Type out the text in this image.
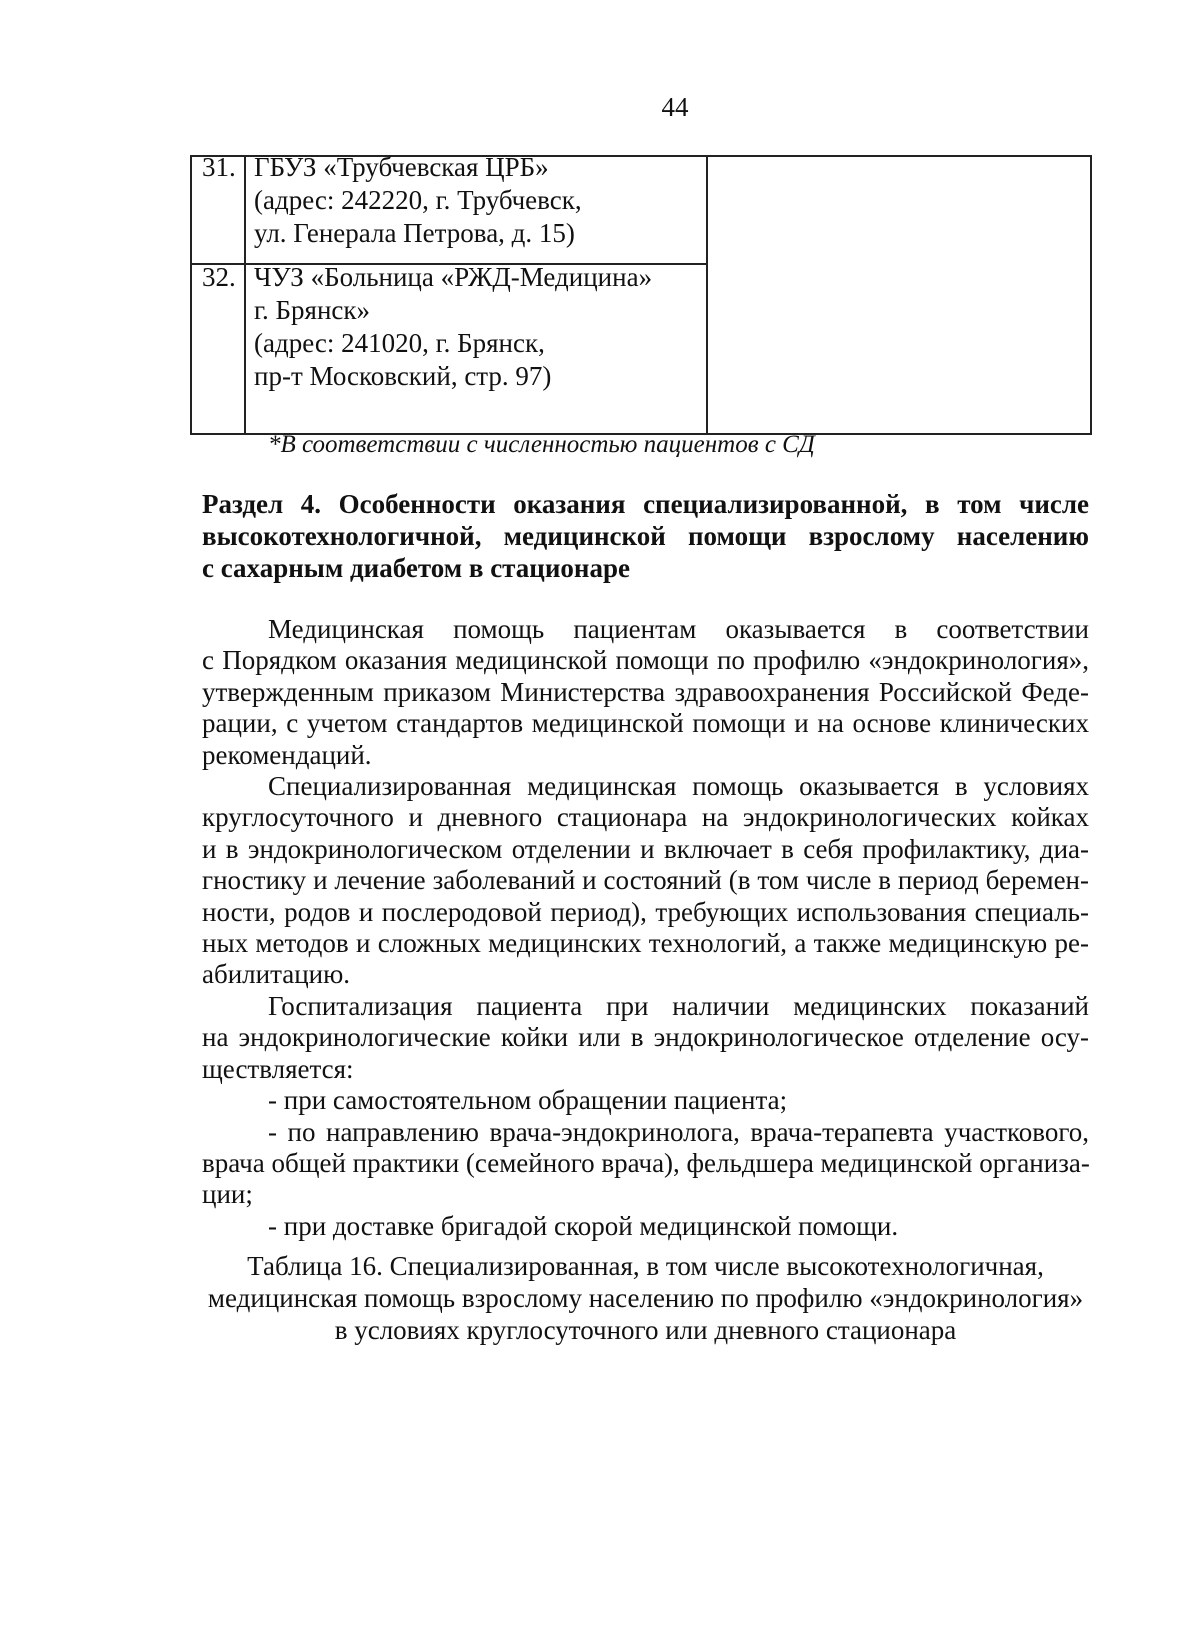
44
31. ГБУЗ «Трубчевская ЦРБ»
(адрес: 242220, г. Трубчевск,
ул. Генерала Петрова, д. 15)
32. ЧУЗ «Больница «РЖД-Медицина»
г. Брянск»
(адрес: 241020, г. Брянск,
пр-т Московский, стр. 97)
*В соответствии с численностью пациентов с СД
Раздел 4. Особенности оказания специализированной, в том числе
высокотехнологичной, медицинской помощи взрослому населению
с сахарным диабетом в стационаре
Медицинская помощь пациентам оказывается в соответствии
с Порядком оказания медицинской помощи по профилю «эндокринология»,
утвержденным приказом Министерства здравоохранения Российской Феде-
рации, с учетом стандартов медицинской помощи и на основе клинических
рекомендаций.
Специализированная медицинская помощь оказывается в условиях
круглосуточного и дневного стационара на эндокринологических койках
и в эндокринологическом отделении и включает в себя профилактику, диа-
гностику и лечение заболеваний и состояний (в том числе в период беремен-
ности, родов и послеродовой период), требующих использования специаль-
ных методов и сложных медицинских технологий, а также медицинскую ре-
абилитацию.
Госпитализация пациента при наличии медицинских показаний
на эндокринологические койки или в эндокринологическое отделение осу-
ществляется:
- при самостоятельном обращении пациента;
- по направлению врача-эндокринолога, врача-терапевта участкового,
врача общей практики (семейного врача), фельдшера медицинской организа-
ции;
- при доставке бригадой скорой медицинской помощи.
Таблица 16. Специализированная, в том числе высокотехнологичная,
медицинская помощь взрослому населению по профилю «эндокринология»
в условиях круглосуточного или дневного стационара
